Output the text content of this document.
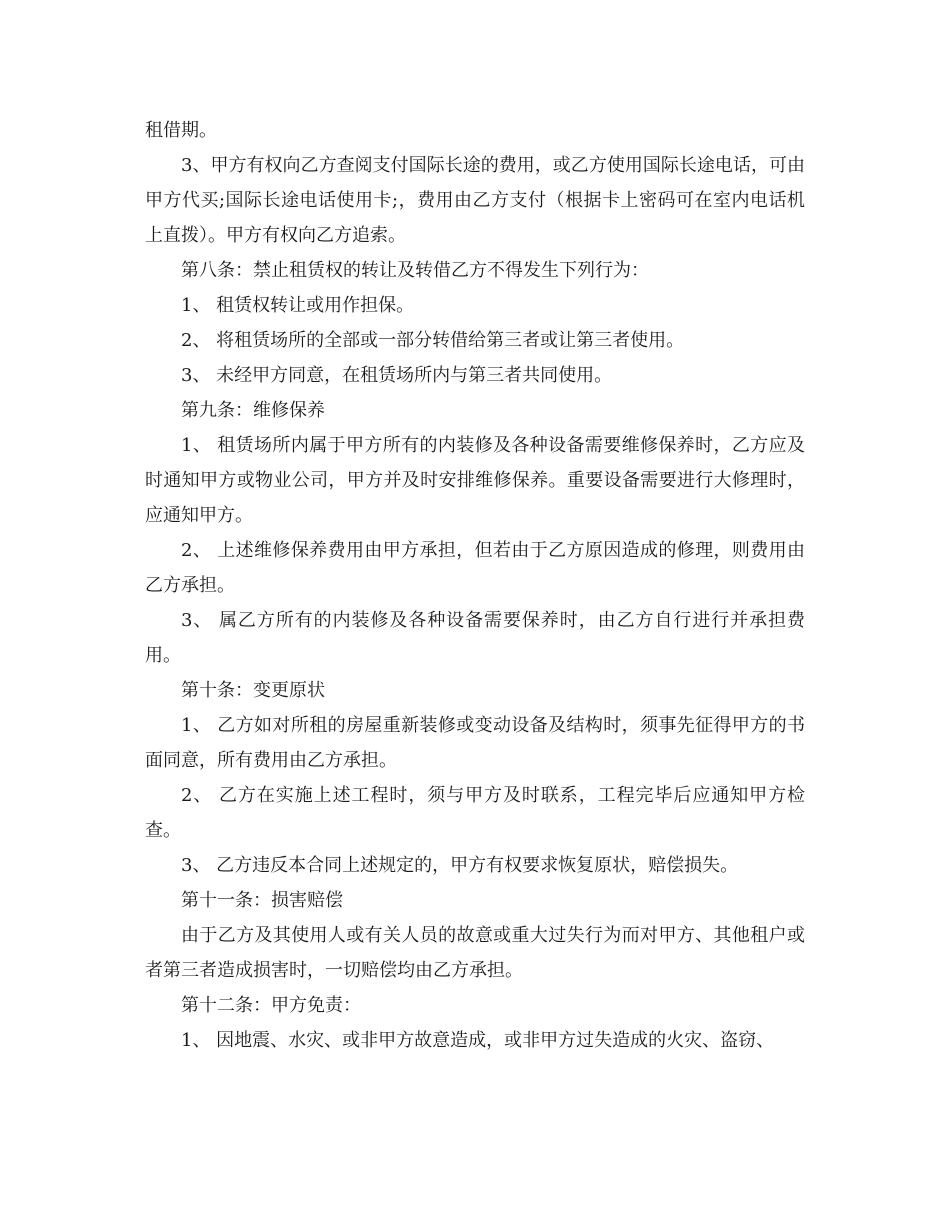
租借期。

3、甲方有权向乙方查阅支付国际长途的费用，或乙方使用国际长途电话，可由甲方代买;国际长途电话使用卡;，费用由乙方支付（根据卡上密码可在室内电话机上直拨）。甲方有权向乙方追索。

第八条：禁止租赁权的转让及转借乙方不得发生下列行为：

1、 租赁权转让或用作担保。

2、 将租赁场所的全部或一部分转借给第三者或让第三者使用。

3、 未经甲方同意，在租赁场所内与第三者共同使用。

第九条：维修保养

1、 租赁场所内属于甲方所有的内装修及各种设备需要维修保养时，乙方应及时通知甲方或物业公司，甲方并及时安排维修保养。重要设备需要进行大修理时，应通知甲方。

2、 上述维修保养费用由甲方承担，但若由于乙方原因造成的修理，则费用由乙方承担。

3、 属乙方所有的内装修及各种设备需要保养时，由乙方自行进行并承担费用。

第十条：变更原状

1、 乙方如对所租的房屋重新装修或变动设备及结构时，须事先征得甲方的书面同意，所有费用由乙方承担。

2、 乙方在实施上述工程时，须与甲方及时联系，工程完毕后应通知甲方检查。

3、 乙方违反本合同上述规定的，甲方有权要求恢复原状，赔偿损失。

第十一条：损害赔偿

由于乙方及其使用人或有关人员的故意或重大过失行为而对甲方、其他租户或者第三者造成损害时，一切赔偿均由乙方承担。

第十二条：甲方免责：

1、 因地震、水灾、或非甲方故意造成，或非甲方过失造成的火灾、盗窃、
